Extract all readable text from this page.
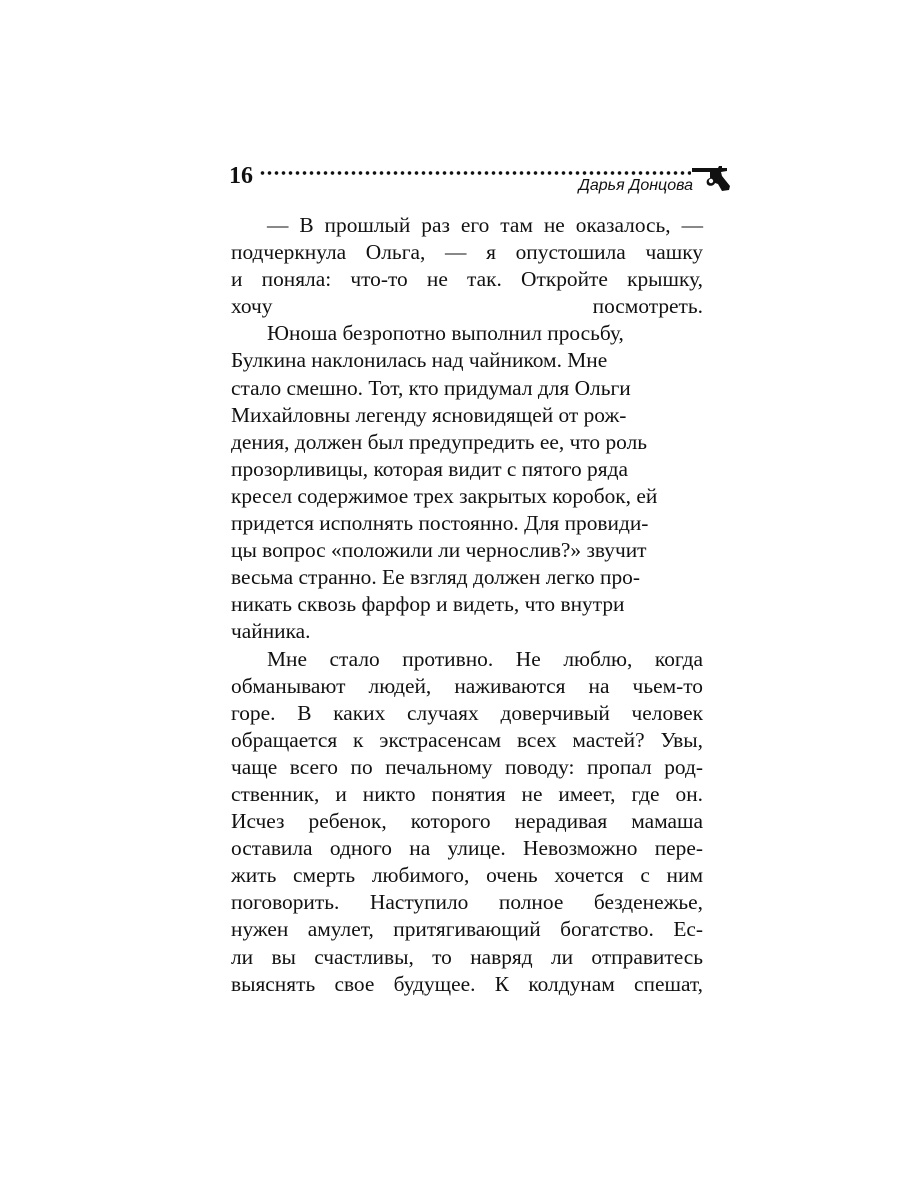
16	Дарья Донцова

— В прошлый раз его там не оказалось, —
подчеркнула Ольга, — я опустошила чашку
и поняла: что-то не так. Откройте крышку,
хочу посмотреть.

Юноша безропотно выполнил просьбу,
Булкина наклонилась над чайником. Мне
стало смешно. Тот, кто придумал для Ольги
Михайловны легенду ясновидящей от рож-
дения, должен был предупредить ее, что роль
прозорливицы, которая видит с пятого ряда
кресел содержимое трех закрытых коробок, ей
придется исполнять постоянно. Для провиди-
цы вопрос «положили ли чернослив?» звучит
весьма странно. Ее взгляд должен легко про-
никать сквозь фарфор и видеть, что внутри
чайника.

Мне стало противно. Не люблю, когда
обманывают людей, наживаются на чьем-то
горе. В каких случаях доверчивый человек
обращается к экстрасенсам всех мастей? Увы,
чаще всего по печальному поводу: пропал род-
ственник, и никто понятия не имеет, где он.
Исчез ребенок, которого нерадивая мамаша
оставила одного на улице. Невозможно пере-
жить смерть любимого, очень хочется с ним
поговорить. Наступило полное безденежье,
нужен амулет, притягивающий богатство. Ес-
ли вы счастливы, то навряд ли отправитесь
выяснять свое будущее. К колдунам спешат,
